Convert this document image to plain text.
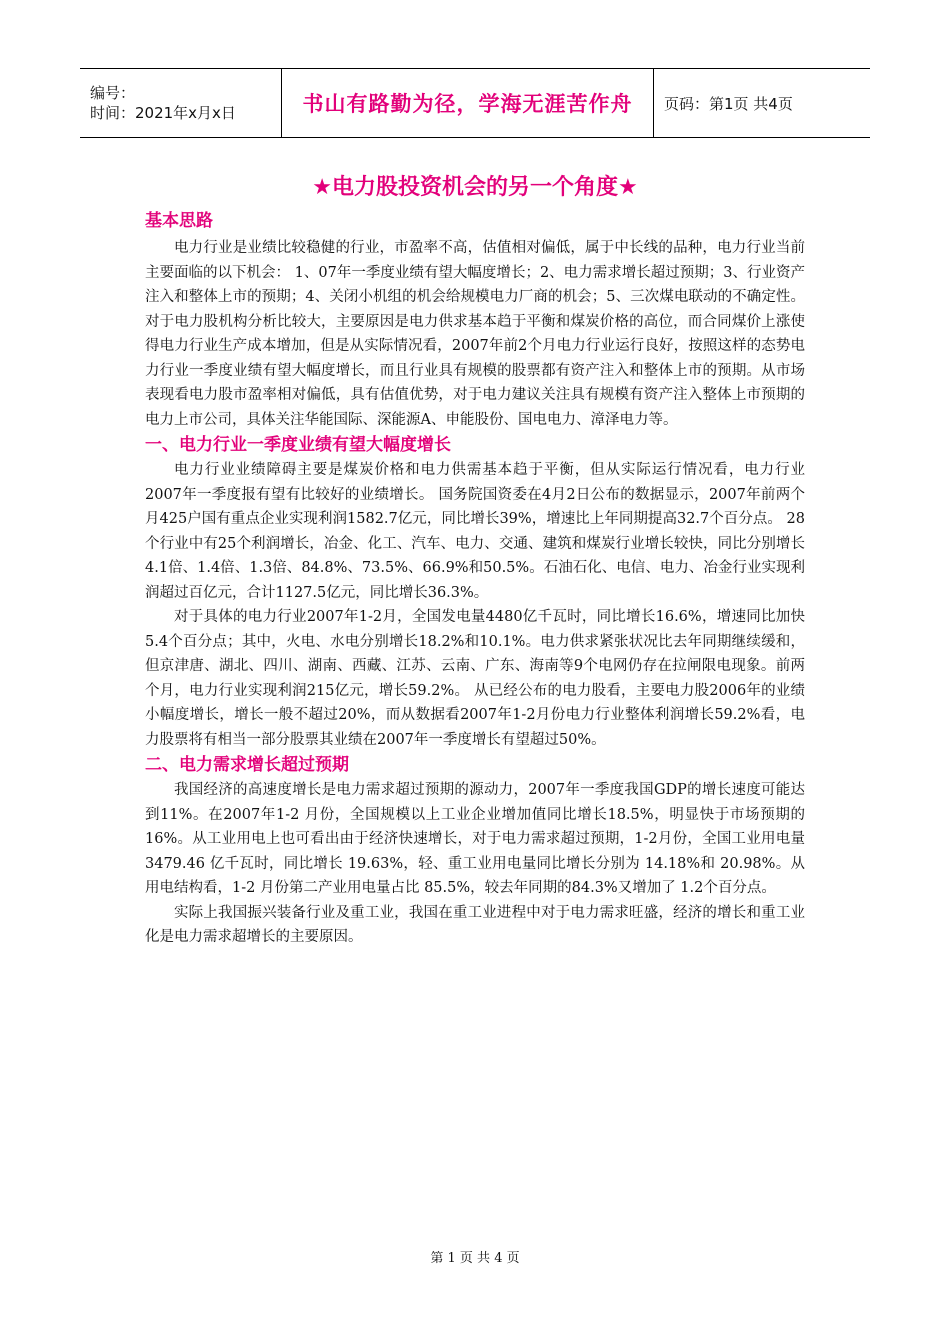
编号：
时间：2021年x月x日	书山有路勤为径，学海无涯苦作舟 页码：第1页 共4页
★电力股投资机会的另一个角度★

基本思路

电力行业是业绩比较稳健的行业，市盈率不高，估值相对偏低，属于中长线的品种，电力行业当前主要面临的以下机会： 1、07年一季度业绩有望大幅度增长；2、电力需求增长超过预期；3、行业资产注入和整体上市的预期；4、关闭小机组的机会给规模电力厂商的机会；5、三次煤电联动的不确定性。对于电力股机构分析比较大，主要原因是电力供求基本趋于平衡和煤炭价格的高位，而合同煤价上涨使得电力行业生产成本增加，但是从实际情况看，2007年前2个月电力行业运行良好，按照这样的态势电力行业一季度业绩有望大幅度增长，而且行业具有规模的股票都有资产注入和整体上市的预期。从市场表现看电力股市盈率相对偏低，具有估值优势，对于电力建议关注具有规模有资产注入整体上市预期的电力上市公司，具体关注华能国际、深能源A、申能股份、国电电力、漳泽电力等。

一、电力行业一季度业绩有望大幅度增长

电力行业业绩障碍主要是煤炭价格和电力供需基本趋于平衡，但从实际运行情况看，电力行业2007年一季度报有望有比较好的业绩增长。 国务院国资委在4月2日公布的数据显示，2007年前两个月425户国有重点企业实现利润1582.7亿元，同比增长39%，增速比上年同期提高32.7个百分点。 28个行业中有25个利润增长，冶金、化工、汽车、电力、交通、建筑和煤炭行业增长较快，同比分别增长4.1倍、1.4倍、1.3倍、84.8%、73.5%、66.9%和50.5%。石油石化、电信、电力、冶金行业实现利润超过百亿元，合计1127.5亿元，同比增长36.3%。

对于具体的电力行业2007年1-2月，全国发电量4480亿千瓦时，同比增长16.6%，增速同比加快5.4个百分点；其中，火电、水电分别增长18.2%和10.1%。电力供求紧张状况比去年同期继续缓和，但京津唐、湖北、四川、湖南、西藏、江苏、云南、广东、海南等9个电网仍存在拉闸限电现象。前两个月，电力行业实现利润215亿元，增长59.2%。 从已经公布的电力股看，主要电力股2006年的业绩小幅度增长，增长一般不超过20%，而从数据看2007年1-2月份电力行业整体利润增长59.2%看，电力股票将有相当一部分股票其业绩在2007年一季度增长有望超过50%。

二、电力需求增长超过预期

我国经济的高速度增长是电力需求超过预期的源动力，2007年一季度我国GDP的增长速度可能达到11%。在2007年1-2 月份，全国规模以上工业企业增加值同比增长18.5%，明显快于市场预期的 16%。从工业用电上也可看出由于经济快速增长，对于电力需求超过预期，1-2月份，全国工业用电量 3479.46 亿千瓦时，同比增长 19.63%，轻、重工业用电量同比增长分别为 14.18%和 20.98%。从用电结构看，1-2 月份第二产业用电量占比 85.5%，较去年同期的84.3%又增加了 1.2个百分点。

实际上我国振兴装备行业及重工业，我国在重工业进程中对于电力需求旺盛，经济的增长和重工业化是电力需求超增长的主要原因。

第 1 页 共 4 页
